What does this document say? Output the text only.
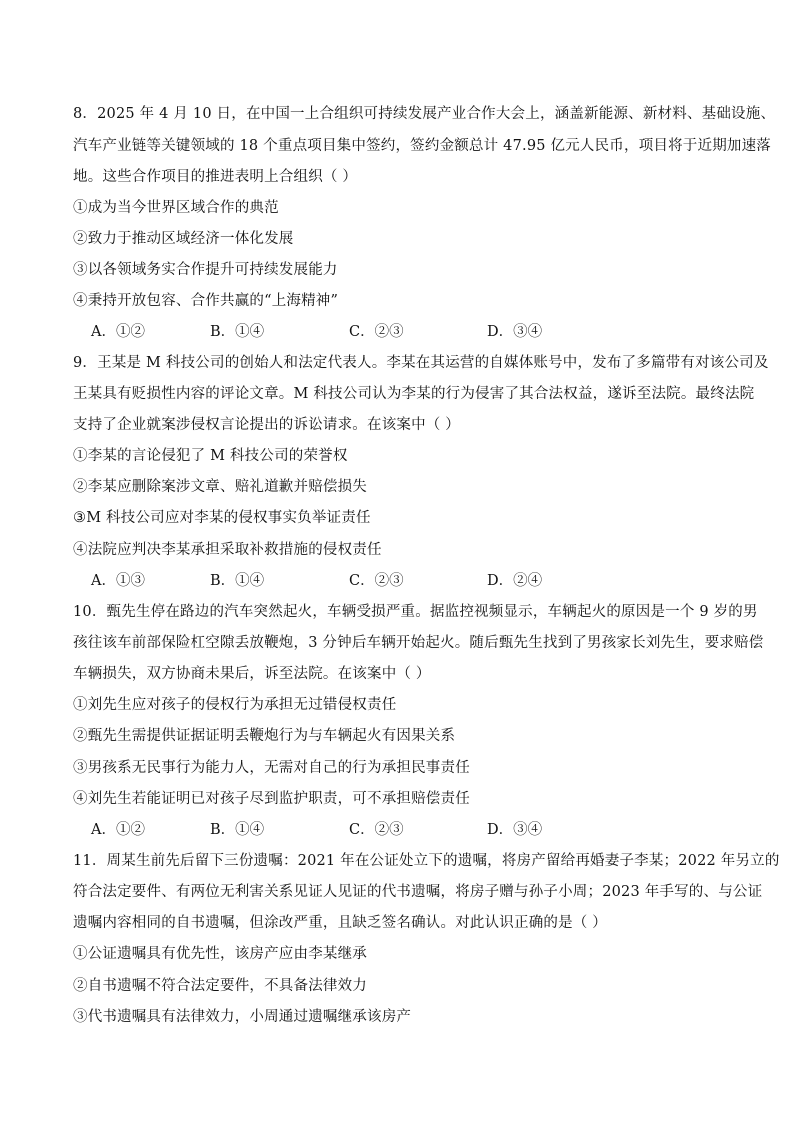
8．2025 年 4 月 10 日，在中国一上合组织可持续发展产业合作大会上，涵盖新能源、新材料、基础设施、
汽车产业链等关键领域的 18 个重点项目集中签约，签约金额总计 47.95 亿元人民币，项目将于近期加速落
地。这些合作项目的推进表明上合组织（ ）
①成为当今世界区域合作的典范
②致力于推动区域经济一体化发展
③以各领域务实合作提升可持续发展能力
④秉持开放包容、合作共赢的“上海精神”
A．①②	B．①④	C．②③	D．③④
9．王某是 M 科技公司的创始人和法定代表人。李某在其运营的自媒体账号中，发布了多篇带有对该公司及
王某具有贬损性内容的评论文章。M 科技公司认为李某的行为侵害了其合法权益，遂诉至法院。最终法院
支持了企业就案涉侵权言论提出的诉讼请求。在该案中（ ）
①李某的言论侵犯了 M 科技公司的荣誉权
②李某应删除案涉文章、赔礼道歉并赔偿损失
③M 科技公司应对李某的侵权事实负举证责任
④法院应判决李某承担采取补救措施的侵权责任
A．①③	B．①④	C．②③	D．②④
10．甄先生停在路边的汽车突然起火，车辆受损严重。据监控视频显示，车辆起火的原因是一个 9 岁的男
孩往该车前部保险杠空隙丢放鞭炮，3 分钟后车辆开始起火。随后甄先生找到了男孩家长刘先生，要求赔偿
车辆损失，双方协商未果后，诉至法院。在该案中（ ）
①刘先生应对孩子的侵权行为承担无过错侵权责任
②甄先生需提供证据证明丢鞭炮行为与车辆起火有因果关系
③男孩系无民事行为能力人，无需对自己的行为承担民事责任
④刘先生若能证明已对孩子尽到监护职责，可不承担赔偿责任
A．①②	B．①④	C．②③	D．③④
11．周某生前先后留下三份遗嘱：2021 年在公证处立下的遗嘱，将房产留给再婚妻子李某；2022 年另立的
符合法定要件、有两位无利害关系见证人见证的代书遗嘱，将房子赠与孙子小周；2023 年手写的、与公证
遗嘱内容相同的自书遗嘱，但涂改严重，且缺乏签名确认。对此认识正确的是（ ）
①公证遗嘱具有优先性，该房产应由李某继承
②自书遗嘱不符合法定要件，不具备法律效力
③代书遗嘱具有法律效力，小周通过遗嘱继承该房产
